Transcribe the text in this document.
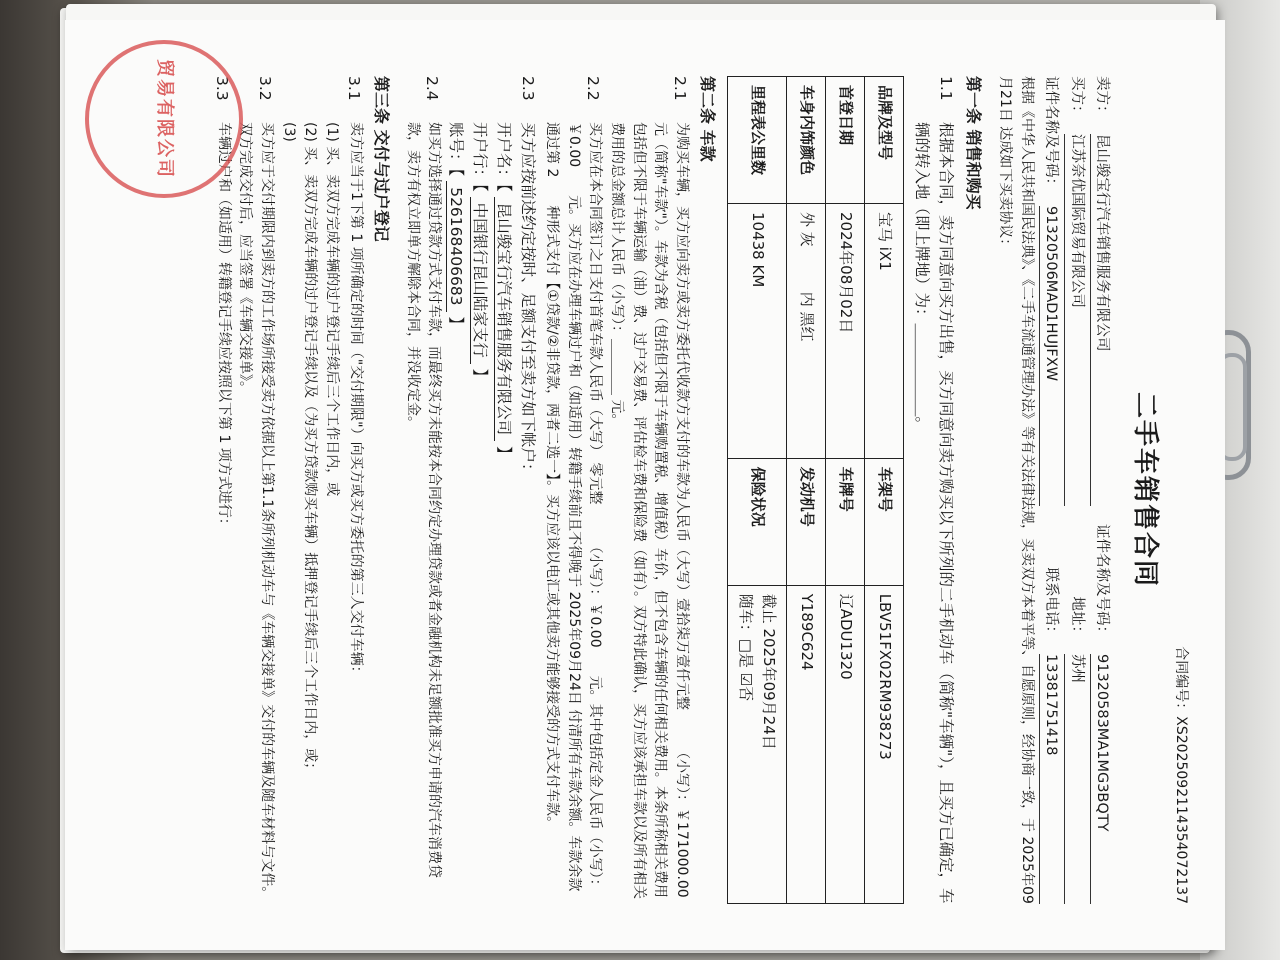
合同编号：XS20250921143540​72137
二手车销售合同
卖方：
昆山骏宝行汽车销售服务有限公司
证件名称及号码：
91320583MA1MG3BQTY
买方：
江苏奈优国际贸易有限公司
地址：
苏州
证件名称及号码：
913205​06MAD1HUJFXW
联系电话：
13381751418
根据《中华人民共和国民法典》、《二手车流通管理办法》等有关法律法规，买卖双方本着平等、自愿原则，经协商一致，于 2025年09月21日 达成如下买卖协议：
第一条 销售和购买
1.1
根据本合同，卖方同意向买方出售，买方同意向卖方购买以下所列的二手机动车（简称"车辆"），且买方已确定，车辆的转入地（即上牌地）为：＿＿＿＿＿＿。
品牌及型号	宝马 iX1	车架号	LBV51FX02RM938273
首登日期	2024年08月02日	车牌号	辽ADU1320
车身内饰颜色	外 灰　　　内 黑红	发动机号	Y189C624
里程表公里数	10438 KM	保险状况	截止 2025年09月24日
随车：□是 ☑否
第二条 车款
2.1
为购买车辆，买方应向卖方或卖方委托代收款方支付的车款为人民币（大写）壹拾柒万壹仟元整　　　（小写）：￥171000.00 元（简称"车款"）。车款为含税（包括但不限于车辆购置税、增值税）车价，但不包含车辆的任何相关费用。本条所称相关费用包括但不限于车辆运输（油）费、过户交易费、评估检车费和保险费（如有）。双方特此确认，买方应该承担车款以及所有相关费用的总金额总计人民币（小写）：＿＿＿＿ 元。
2.2
买方应在本合同签订之日支付首笔车款人民币（大写） 零元整　　　（小写）：￥0.00　　元。其中包括定金人民币（小写）：￥0.00　　元。买方应在办理车辆过户和（如适用）转籍手续前且不得晚于 2025年09月24日 付清所有车款余额。车款余款通过第 2　　种形式支付【①贷款/②非贷款，两者二选一】。买方应该以电汇或其他卖方能够接受的方式支付车款。
2.3
买方应按前述约定按时、足额支付至卖方如下帐户：
开户名：【 昆山骏宝行汽车销售服务有限公司 】
开户行：【 中国银行昆山陆家支行 】
账号：【 526168406683 】
2.4
如买方选择通过贷款方式支付车款，而最终买方未能按本合同约定办理贷款或者金融机构未足额批准买方申请的汽车消费贷款，卖方有权立即单方解除本合同，并没收定金。
第三条 交付与过户登记
3.1
卖方应当于1下第 1 项所确定的时间（"交付期限"）向买方或买方委托的第三人交付车辆：
(1) 买、卖双方完成车辆的过户登记手续后三个工作日内，或
(2) 买、卖双方完成车辆的过户登记手续以及（为买方贷款购买车辆）抵押登记手续后三个工作日内，或；
(3)
3.2
买方应于交付期限内到卖方的工作场所接受卖方依据以上第1.1条所列机动车与《车辆交接单》交付的车辆及随车材料与文件。双方完成交付后，应当签署《车辆交接单》。
3.3
车辆过户和（如适用）转籍登记手续应按照以下第 1 项方式进行：
贸易有限公司
